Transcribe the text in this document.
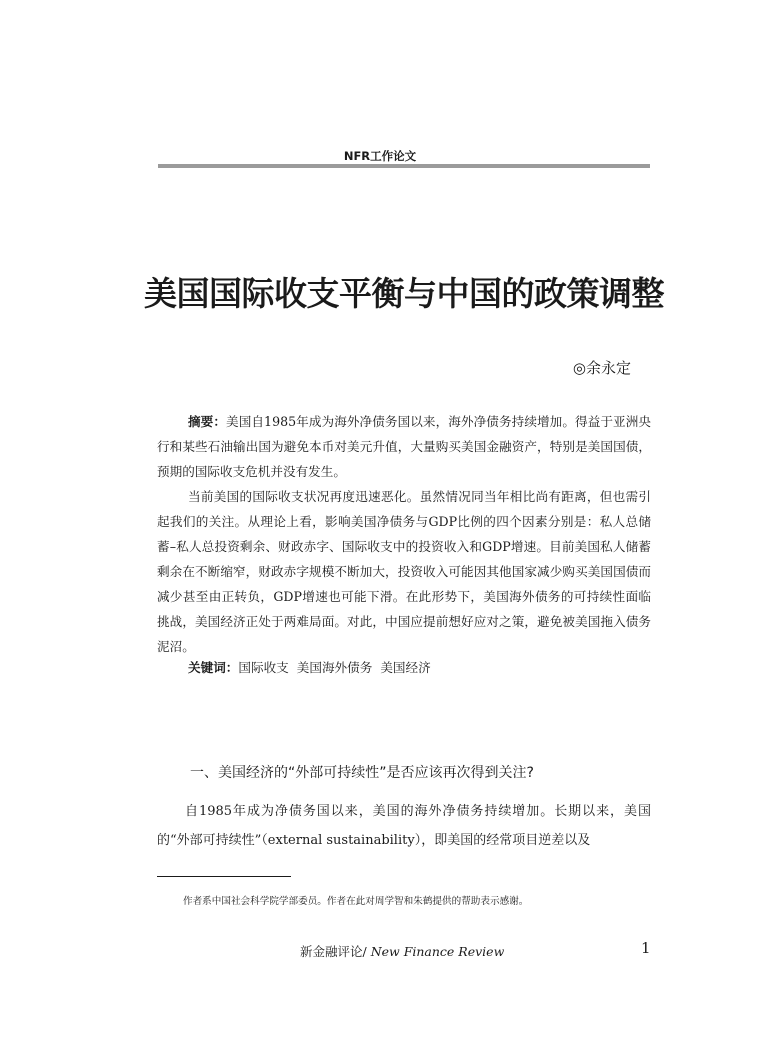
NFR工作论文
美国国际收支平衡与中国的政策调整
◎余永定

摘要：美国自1985年成为海外净债务国以来，海外净债务持续增加。得益于亚洲央行和某些石油输出国为避免本币对美元升值，大量购买美国金融资产，特别是美国国债，预期的国际收支危机并没有发生。

当前美国的国际收支状况再度迅速恶化。虽然情况同当年相比尚有距离，但也需引起我们的关注。从理论上看，影响美国净债务与GDP比例的四个因素分别是：私人总储蓄–私人总投资剩余、财政赤字、国际收支中的投资收入和GDP增速。目前美国私人储蓄剩余在不断缩窄，财政赤字规模不断加大，投资收入可能因其他国家减少购买美国国债而减少甚至由正转负，GDP增速也可能下滑。在此形势下，美国海外债务的可持续性面临挑战，美国经济正处于两难局面。对此，中国应提前想好应对之策，避免被美国拖入债务泥沼。

关键词：国际收支  美国海外债务  美国经济
一、美国经济的“外部可持续性”是否应该再次得到关注?

自1985年成为净债务国以来，美国的海外净债务持续增加。长期以来，美国的“外部可持续性”（external sustainability），即美国的经常项目逆差以及

作者系中国社会科学院学部委员。作者在此对周学智和朱鹤提供的帮助表示感谢。
新金融评论/ New Finance Review	1
